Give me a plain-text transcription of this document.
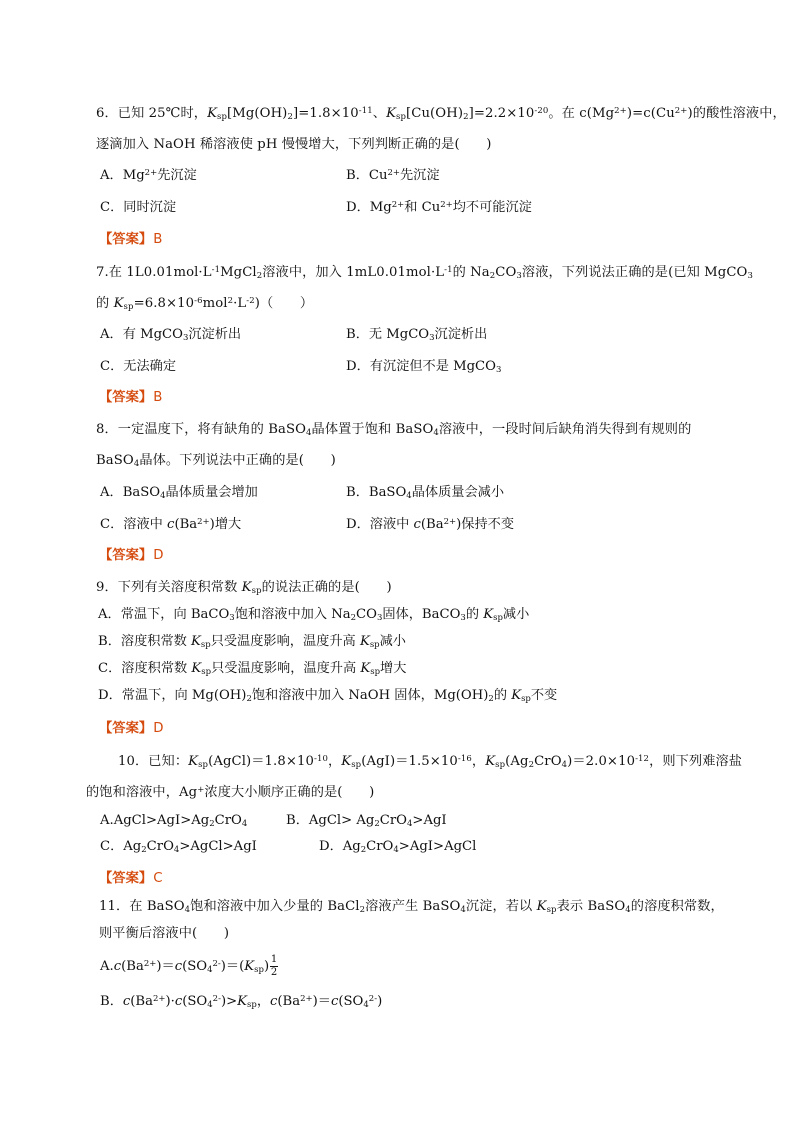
6．已知 25℃时，$K_{sp}[Mg(OH)_2]=1.8\times 10^{-11}$、$K_{sp}[Cu(OH)_2]=2.2\times 10^{-20}$。在 $c(Mg^{2+})=c(Cu^{2+})$的酸性溶液中，
逐滴加入 NaOH 稀溶液使 pH 慢慢增大，下列判断正确的是(　　)
A．$Mg^{2+}$先沉淀	B．$Cu^{2+}$先沉淀
C．同时沉淀	D．$Mg^{2+}$和 $Cu^{2+}$均不可能沉淀
【答案】B
7.在 $1L0.01mol\cdot L^{-1}MgCl_2$溶液中，加入 $1mL0.01mol\cdot L^{-1}$的 $Na_2CO_3$溶液，下列说法正确的是(已知 MgCO$_3$
的 $K_{sp}=6.8\times 10^{-6}mol^2\cdot L^{-2}$)（　　）
A．有 MgCO$_3$沉淀析出	B．无 MgCO$_3$沉淀析出
C．无法确定	D．有沉淀但不是 MgCO$_3$
【答案】B
8．一定温度下，将有缺角的 BaSO$_4$晶体置于饱和 BaSO$_4$溶液中，一段时间后缺角消失得到有规则的
BaSO$_4$晶体。下列说法中正确的是(　　)
A．BaSO$_4$晶体质量会增加	B．BaSO$_4$晶体质量会减小
C．溶液中 $c(Ba^{2+})$增大	D．溶液中 $c(Ba^{2+})$保持不变
【答案】D
9．下列有关溶度积常数 $K_{sp}$的说法正确的是(　　)
A．常温下，向 BaCO$_3$饱和溶液中加入 $Na_2CO_3$固体，BaCO$_3$的 $K_{sp}$减小
B．溶度积常数 $K_{sp}$只受温度影响，温度升高 $K_{sp}$减小
C．溶度积常数 $K_{sp}$只受温度影响，温度升高 $K_{sp}$增大
D．常温下，向 $Mg(OH)_2$饱和溶液中加入 NaOH 固体，$Mg(OH)_2$的 $K_{sp}$不变
【答案】D
10．已知：$K_{sp}(AgCl)=1.8\times 10^{-10}$，$K_{sp}(AgI)=1.5\times 10^{-16}$，$K_{sp}(Ag_2CrO_4)=2.0\times 10^{-12}$，则下列难溶盐
的饱和溶液中，Ag+浓度大小顺序正确的是(　　)
$A.AgCl>AgI>Ag_2CrO_4$	B．AgCl> $Ag_2CrO_4>AgI$
C．$Ag_2CrO_4>AgCl>AgI$	D．$Ag_2CrO_4>AgI>AgCl$
【答案】C
11．在 BaSO$_4$饱和溶液中加入少量的 BaCl$_2$溶液产生 BaSO$_4$沉淀，若以 $K_{sp}$表示 BaSO$_4$的溶度积常数，
则平衡后溶液中(　　)
$A.c(Ba^{2+})=c(SO_4^{2-})=(K_{sp}) \frac{1}{2}$
B．$c(Ba^{2+})\cdot c(SO_4^{2-})>K_{sp}$，$c(Ba^{2+})=c(SO_4^{2-})$
